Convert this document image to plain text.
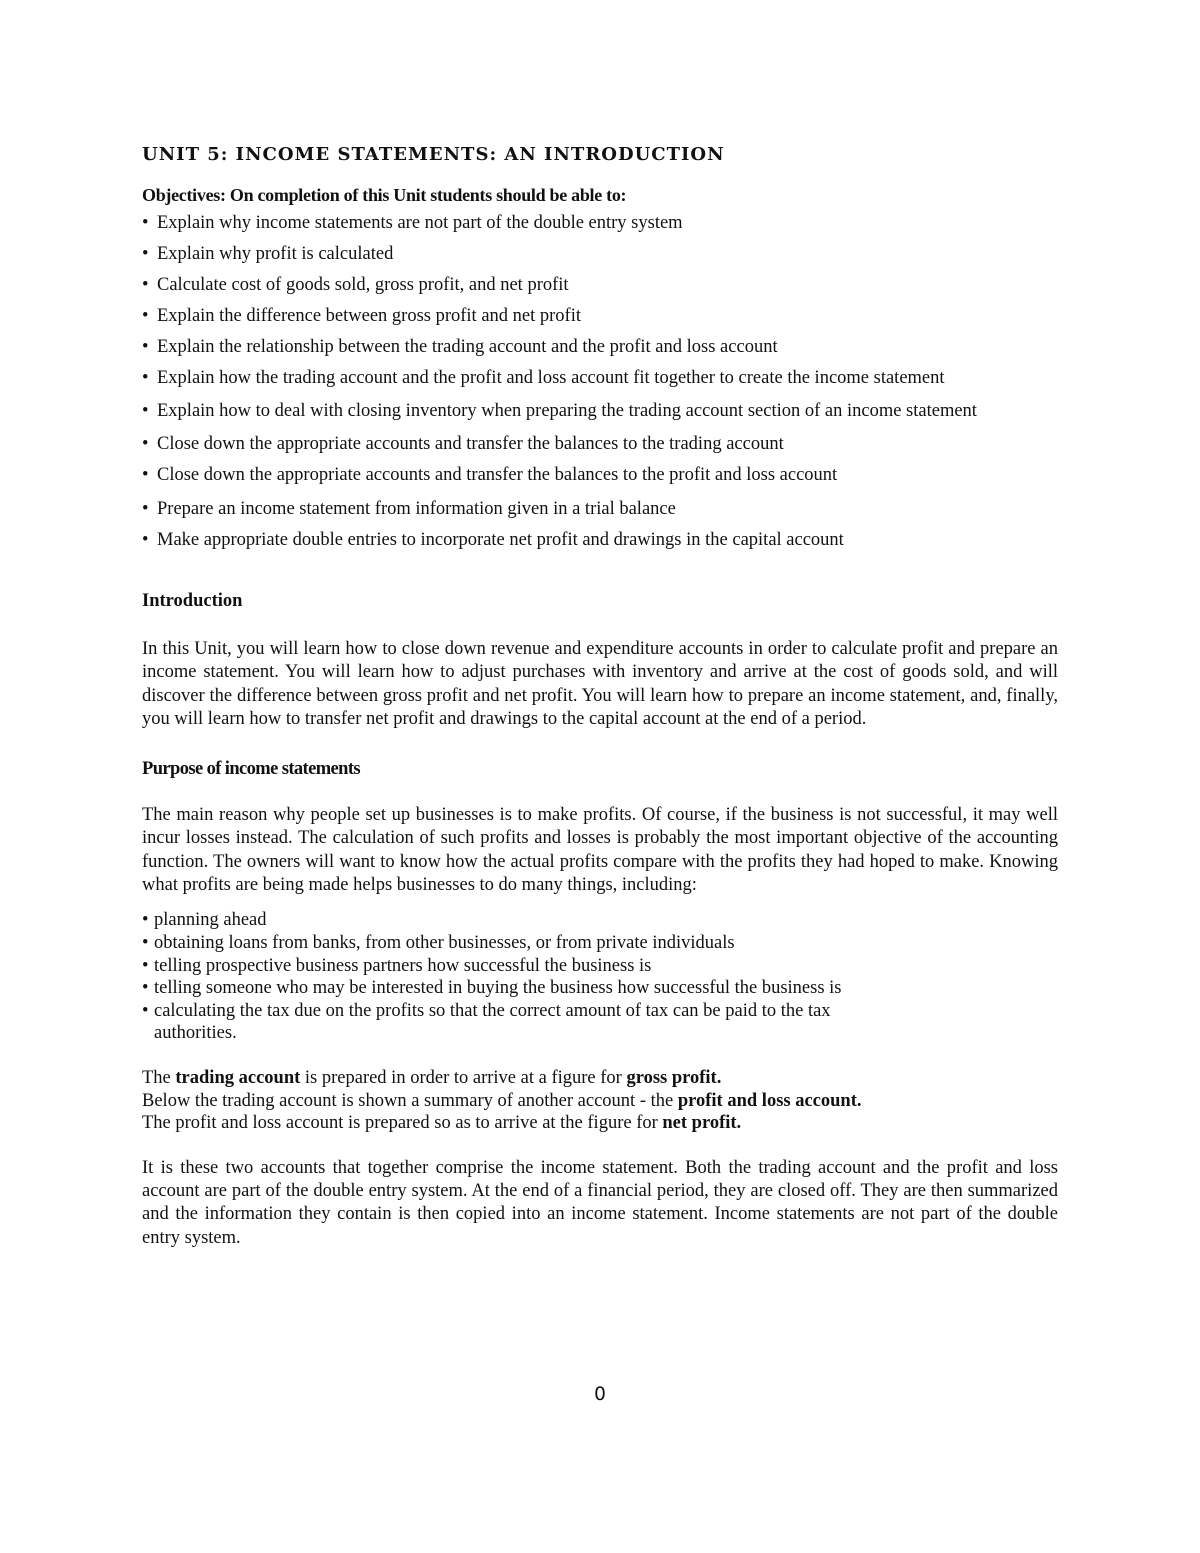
UNIT 5: INCOME STATEMENTS: AN INTRODUCTION
Objectives: On completion of this Unit students should be able to:
• Explain why income statements are not part of the double entry system
• Explain why profit is calculated
• Calculate cost of goods sold, gross profit, and net profit
• Explain the difference between gross profit and net profit
• Explain the relationship between the trading account and the profit and loss account
• Explain how the trading account and the profit and loss account fit together to create the income statement
• Explain how to deal with closing inventory when preparing the trading account section of an income statement
• Close down the appropriate accounts and transfer the balances to the trading account
• Close down the appropriate accounts and transfer the balances to the profit and loss account
• Prepare an income statement from information given in a trial balance
• Make appropriate double entries to incorporate net profit and drawings in the capital account
Introduction

In this Unit, you will learn how to close down revenue and expenditure accounts in order to calculate profit and prepare an income statement. You will learn how to adjust purchases with inventory and arrive at the cost of goods sold, and will discover the difference between gross profit and net profit. You will learn how to prepare an income statement, and, finally, you will learn how to transfer net profit and drawings to the capital account at the end of a period.

Purpose of income statements

The main reason why people set up businesses is to make profits. Of course, if the business is not successful, it may well incur losses instead. The calculation of such profits and losses is probably the most important objective of the accounting function. The owners will want to know how the actual profits compare with the profits they had hoped to make. Knowing what profits are being made helps businesses to do many things, including:

• planning ahead
• obtaining loans from banks, from other businesses, or from private individuals
• telling prospective business partners how successful the business is
• telling someone who may be interested in buying the business how successful the business is
• calculating the tax due on the profits so that the correct amount of tax can be paid to the tax authorities.
The trading account is prepared in order to arrive at a figure for gross profit.
Below the trading account is shown a summary of another account - the profit and loss account.
The profit and loss account is prepared so as to arrive at the figure for net profit.

It is these two accounts that together comprise the income statement. Both the trading account and the profit and loss account are part of the double entry system. At the end of a financial period, they are closed off. They are then summarized and the information they contain is then copied into an income statement. Income statements are not part of the double entry system.

0
